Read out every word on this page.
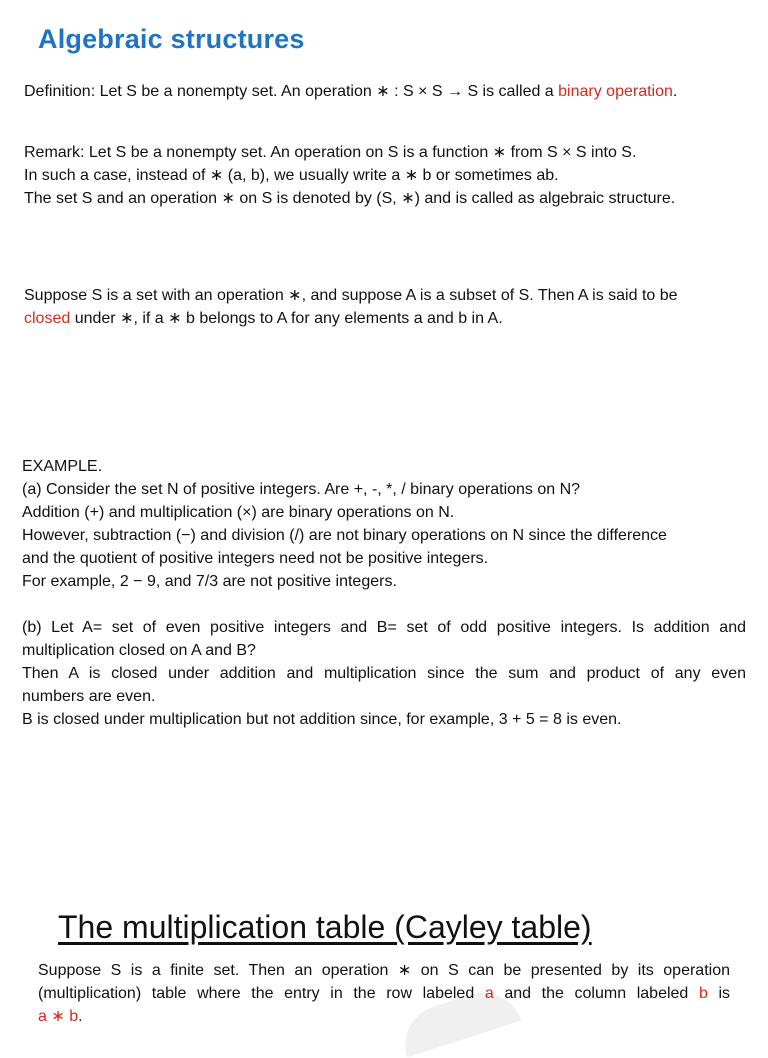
Algebraic structures
Definition: Let S be a nonempty set. An operation ∗ : S × S → S is called a binary operation.
Remark: Let S be a nonempty set. An operation on S is a function ∗ from S × S into S.
In such a case, instead of ∗ (a, b), we usually write a ∗ b or sometimes ab.
The set S and an operation ∗ on S is denoted by (S, ∗) and is called as algebraic structure.
Suppose S is a set with an operation ∗, and suppose A is a subset of S. Then A is said to be
closed under ∗, if a ∗ b belongs to A for any elements a and b in A.
EXAMPLE.
(a) Consider the set N of positive integers. Are +, -, *, / binary operations on N?
Addition (+) and multiplication (×) are binary operations on N.
However, subtraction (−) and division (/) are not binary operations on N since the difference
and the quotient of positive integers need not be positive integers.
For example, 2 − 9, and 7/3 are not positive integers.
(b) Let A= set of even positive integers and B= set of odd positive integers. Is addition and
multiplication closed on A and B?
Then A is closed under addition and multiplication since the sum and product of any even
numbers are even.
B is closed under multiplication but not addition since, for example, 3 + 5 = 8 is even.
The multiplication table (Cayley table)
Suppose S is a finite set. Then an operation ∗ on S can be presented by its operation
(multiplication) table where the entry in the row labeled a and the column labeled b is
a ∗ b.
